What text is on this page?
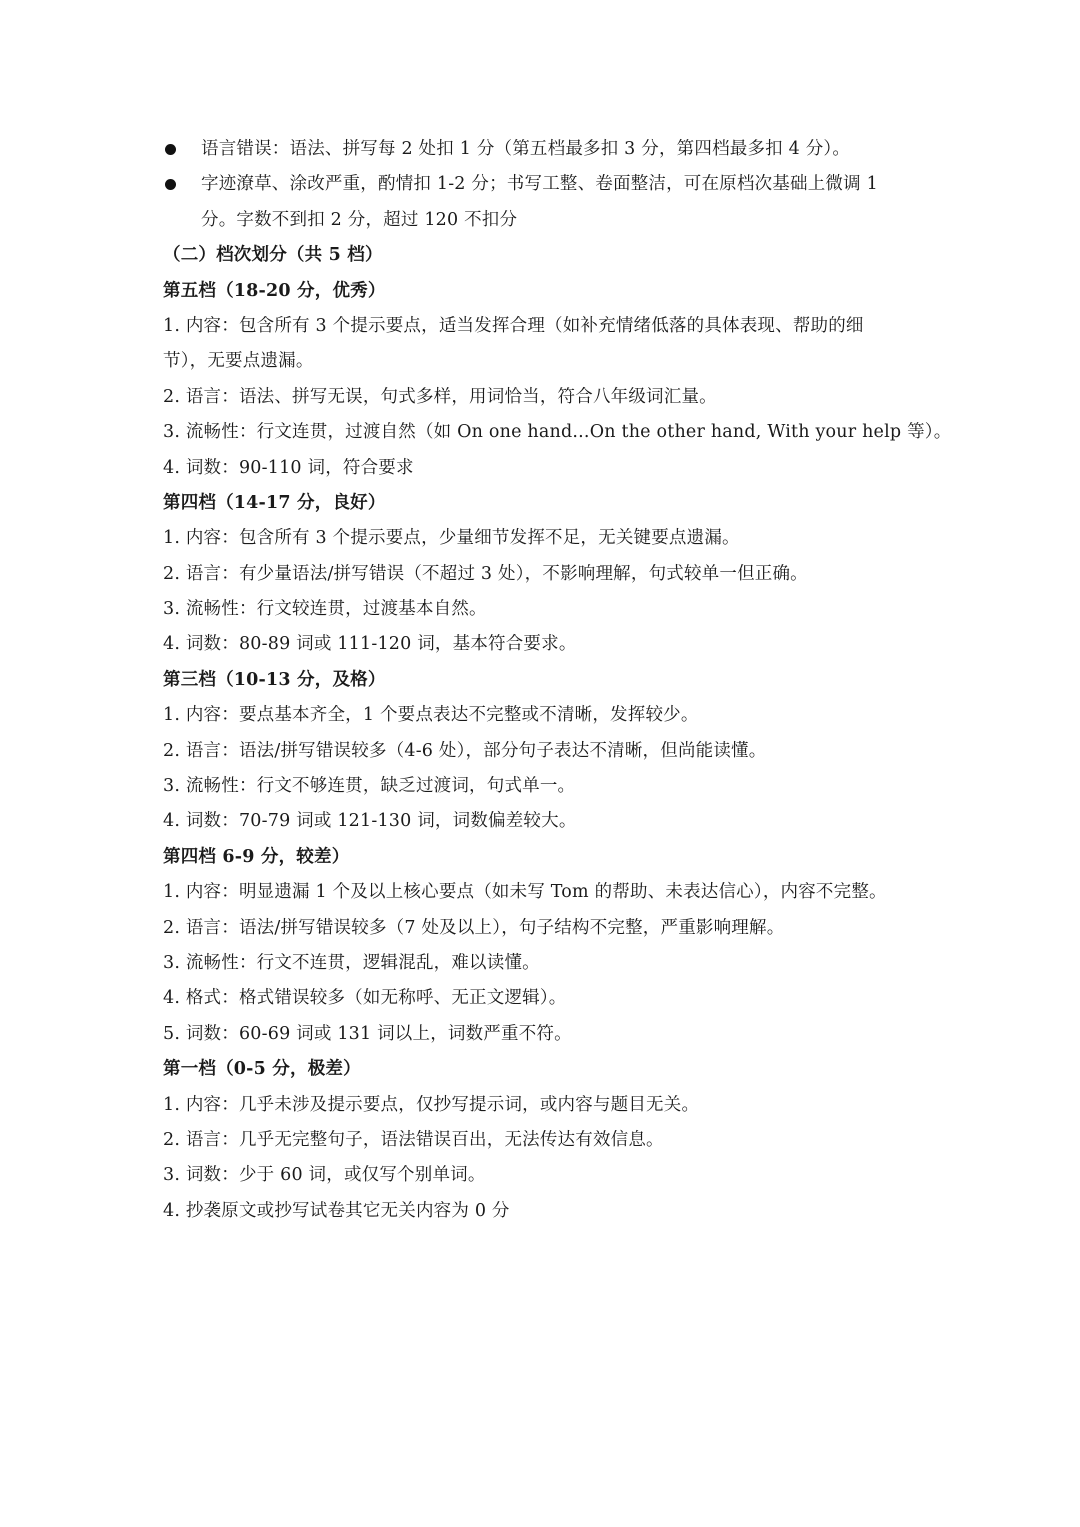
语言错误：语法、拼写每 2 处扣 1 分（第五档最多扣 3 分，第四档最多扣 4 分）。
字迹潦草、涂改严重，酌情扣 1-2 分；书写工整、卷面整洁，可在原档次基础上微调 1
分。字数不到扣 2 分，超过 120 不扣分
（二）档次划分（共 5 档）
第五档（18-20 分，优秀）
1. 内容：包含所有 3 个提示要点，适当发挥合理（如补充情绪低落的具体表现、帮助的细
节），无要点遗漏。
2. 语言：语法、拼写无误，句式多样，用词恰当，符合八年级词汇量。
3. 流畅性：行文连贯，过渡自然（如 On one hand...On the other hand, With your help 等）。
4. 词数：90-110 词，符合要求
第四档（14-17 分，良好）
1. 内容：包含所有 3 个提示要点，少量细节发挥不足，无关键要点遗漏。
2. 语言：有少量语法/拼写错误（不超过 3 处），不影响理解，句式较单一但正确。
3. 流畅性：行文较连贯，过渡基本自然。
4. 词数：80-89 词或 111-120 词，基本符合要求。
第三档（10-13 分，及格）
1. 内容：要点基本齐全，1 个要点表达不完整或不清晰，发挥较少。
2. 语言：语法/拼写错误较多（4-6 处），部分句子表达不清晰，但尚能读懂。
3. 流畅性：行文不够连贯，缺乏过渡词，句式单一。
4. 词数：70-79 词或 121-130 词，词数偏差较大。
第四档 6-9 分，较差）
1. 内容：明显遗漏 1 个及以上核心要点（如未写 Tom 的帮助、未表达信心），内容不完整。
2. 语言：语法/拼写错误较多（7 处及以上），句子结构不完整，严重影响理解。
3. 流畅性：行文不连贯，逻辑混乱，难以读懂。
4. 格式：格式错误较多（如无称呼、无正文逻辑）。
5. 词数：60-69 词或 131 词以上，词数严重不符。
第一档（0-5 分，极差）
1. 内容：几乎未涉及提示要点，仅抄写提示词，或内容与题目无关。
2. 语言：几乎无完整句子，语法错误百出，无法传达有效信息。
3. 词数：少于 60 词，或仅写个别单词。
4. 抄袭原文或抄写试卷其它无关内容为 0 分
